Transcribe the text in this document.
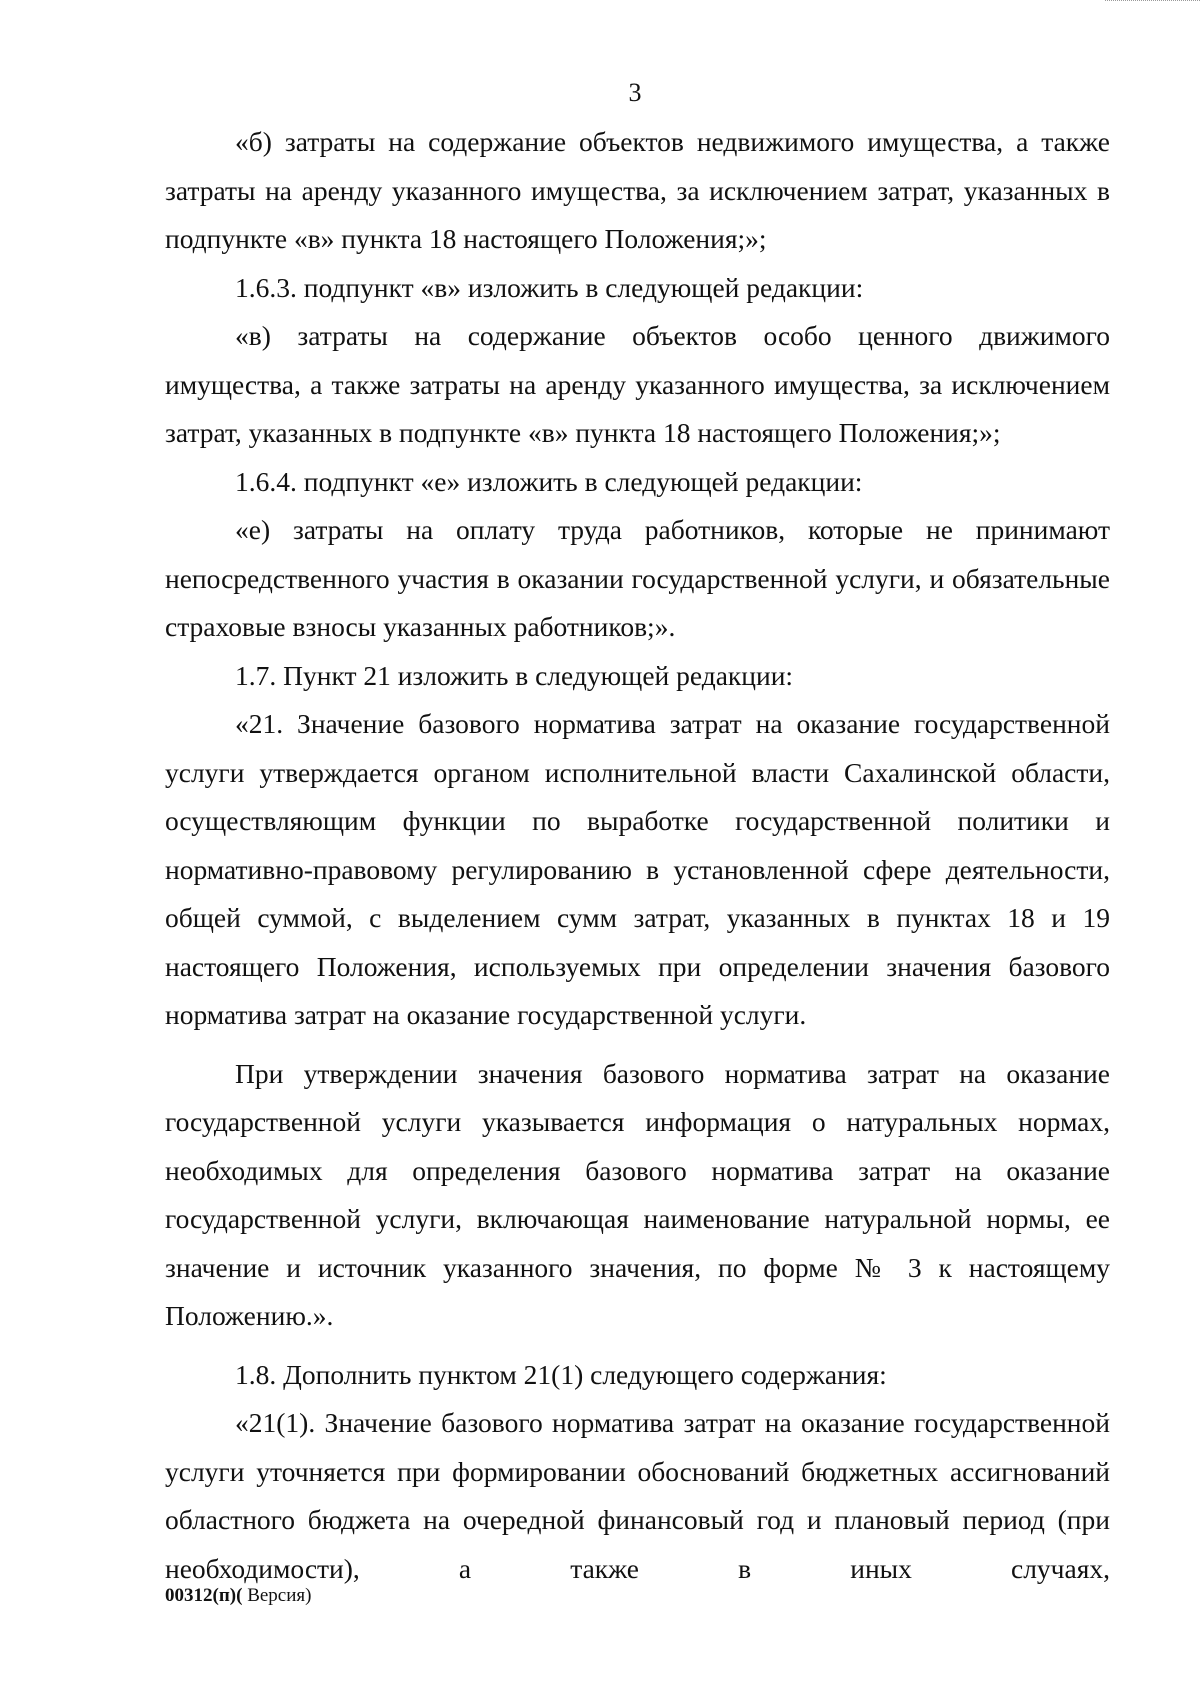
3

«б) затраты на содержание объектов недвижимого имущества, а также затраты на аренду указанного имущества, за исключением затрат, указанных в подпункте «в» пункта 18 настоящего Положения;»;

1.6.3. подпункт «в» изложить в следующей редакции:

«в) затраты на содержание объектов особо ценного движимого имущества, а также затраты на аренду указанного имущества, за исключением затрат, указанных в подпункте «в» пункта 18 настоящего Положения;»;

1.6.4. подпункт «е» изложить в следующей редакции:

«е) затраты на оплату труда работников, которые не принимают непосредственного участия в оказании государственной услуги, и обязательные страховые взносы указанных работников;».

1.7. Пункт 21 изложить в следующей редакции:

«21. Значение базового норматива затрат на оказание государственной услуги утверждается органом исполнительной власти Сахалинской области, осуществляющим функции по выработке государственной политики и нормативно-правовому регулированию в установленной сфере деятельности, общей суммой, с выделением сумм затрат, указанных в пунктах 18 и 19 настоящего Положения, используемых при определении значения базового норматива затрат на оказание государственной услуги.

При утверждении значения базового норматива затрат на оказание государственной услуги указывается информация о натуральных нормах, необходимых для определения базового норматива затрат на оказание государственной услуги, включающая наименование натуральной нормы, ее значение и источник указанного значения, по форме № 3 к настоящему Положению.».

1.8. Дополнить пунктом 21(1) следующего содержания:

«21(1). Значение базового норматива затрат на оказание государственной услуги уточняется при формировании обоснований бюджетных ассигнований областного бюджета на очередной финансовый год и плановый период (при необходимости), а также в иных случаях,

00312(п)( Версия)
